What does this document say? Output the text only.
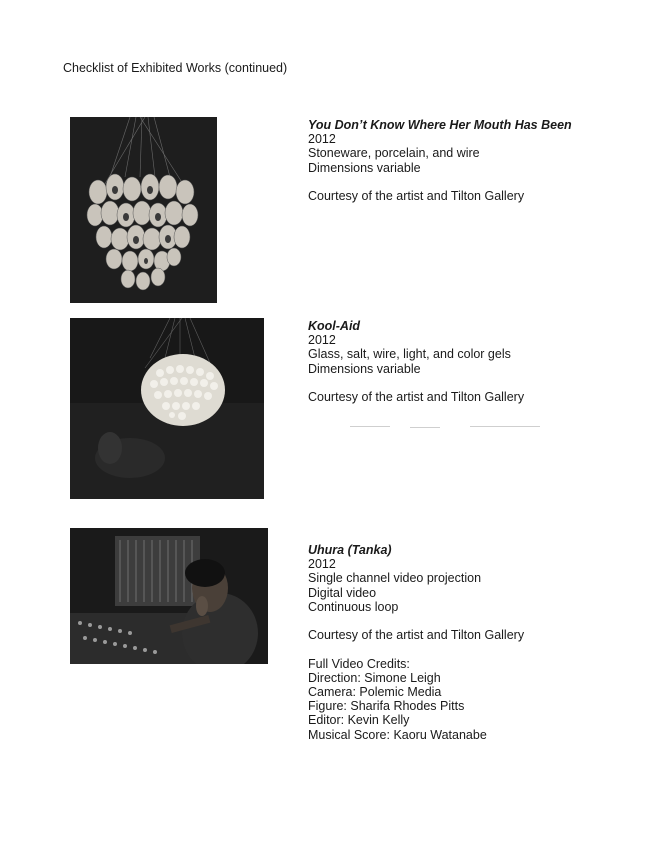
Checklist of Exhibited Works (continued)
You Don’t Know Where Her Mouth Has Been
2012
Stoneware, porcelain, and wire
Dimensions variable
Courtesy of the artist and Tilton Gallery
Kool-Aid
2012
Glass, salt, wire, light, and color gels
Dimensions variable
Courtesy of the artist and Tilton Gallery
Uhura (Tanka)
2012
Single channel video projection
Digital video
Continuous loop
Courtesy of the artist and Tilton Gallery
Full Video Credits:
Direction: Simone Leigh
Camera: Polemic Media
Figure: Sharifa Rhodes Pitts
Editor: Kevin Kelly
Musical Score: Kaoru Watanabe
